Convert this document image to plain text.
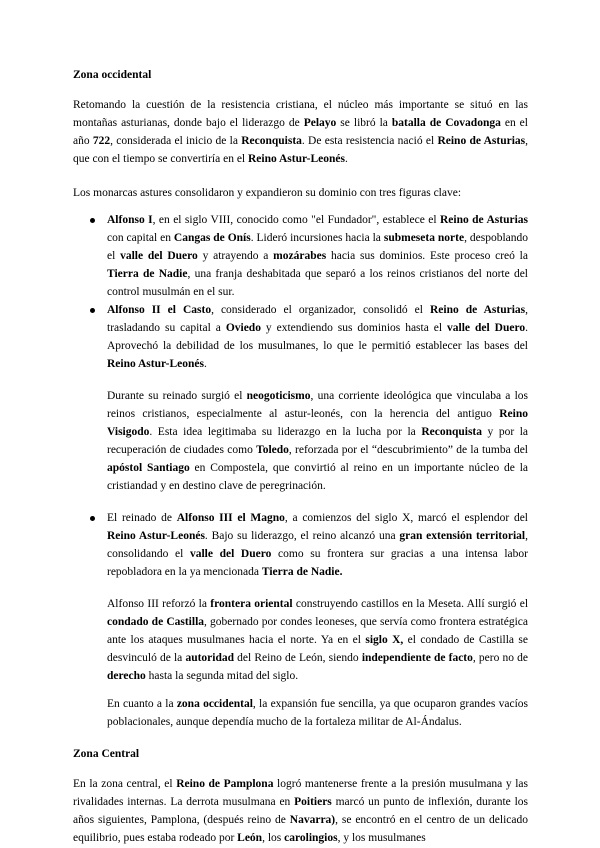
Zona occidental

Retomando la cuestión de la resistencia cristiana, el núcleo más importante se situó en las montañas asturianas, donde bajo el liderazgo de Pelayo se libró la batalla de Covadonga en el año 722, considerada el inicio de la Reconquista. De esta resistencia nació el Reino de Asturias, que con el tiempo se convertiría en el Reino Astur-Leonés.

Los monarcas astures consolidaron y expandieron su dominio con tres figuras clave:

Alfonso I, en el siglo VIII, conocido como "el Fundador", establece el Reino de Asturias con capital en Cangas de Onís. Lideró incursiones hacia la submeseta norte, despoblando el valle del Duero y atrayendo a mozárabes hacia sus dominios. Este proceso creó la Tierra de Nadie, una franja deshabitada que separó a los reinos cristianos del norte del control musulmán en el sur.

Alfonso II el Casto, considerado el organizador, consolidó el Reino de Asturias, trasladando su capital a Oviedo y extendiendo sus dominios hasta el valle del Duero. Aprovechó la debilidad de los musulmanes, lo que le permitió establecer las bases del Reino Astur-Leonés.

Durante su reinado surgió el neogoticismo, una corriente ideológica que vinculaba a los reinos cristianos, especialmente al astur-leonés, con la herencia del antiguo Reino Visigodo. Esta idea legitimaba su liderazgo en la lucha por la Reconquista y por la recuperación de ciudades como Toledo, reforzada por el “descubrimiento” de la tumba del apóstol Santiago en Compostela, que convirtió al reino en un importante núcleo de la cristiandad y en destino clave de peregrinación.

El reinado de Alfonso III el Magno, a comienzos del siglo X, marcó el esplendor del Reino Astur-Leonés. Bajo su liderazgo, el reino alcanzó una gran extensión territorial, consolidando el valle del Duero como su frontera sur gracias a una intensa labor repobladora en la ya mencionada Tierra de Nadie.

Alfonso III reforzó la frontera oriental construyendo castillos en la Meseta. Allí surgió el condado de Castilla, gobernado por condes leoneses, que servía como frontera estratégica ante los ataques musulmanes hacia el norte. Ya en el siglo X, el condado de Castilla se desvinculó de la autoridad del Reino de León, siendo independiente de facto, pero no de derecho hasta la segunda mitad del siglo.

En cuanto a la zona occidental, la expansión fue sencilla, ya que ocuparon grandes vacíos poblacionales, aunque dependía mucho de la fortaleza militar de Al-Ándalus.

Zona Central

En la zona central, el Reino de Pamplona logró mantenerse frente a la presión musulmana y las rivalidades internas. La derrota musulmana en Poitiers marcó un punto de inflexión, durante los años siguientes, Pamplona, (después reino de Navarra), se encontró en el centro de un delicado equilibrio, pues estaba rodeado por León, los carolingios, y los musulmanes
